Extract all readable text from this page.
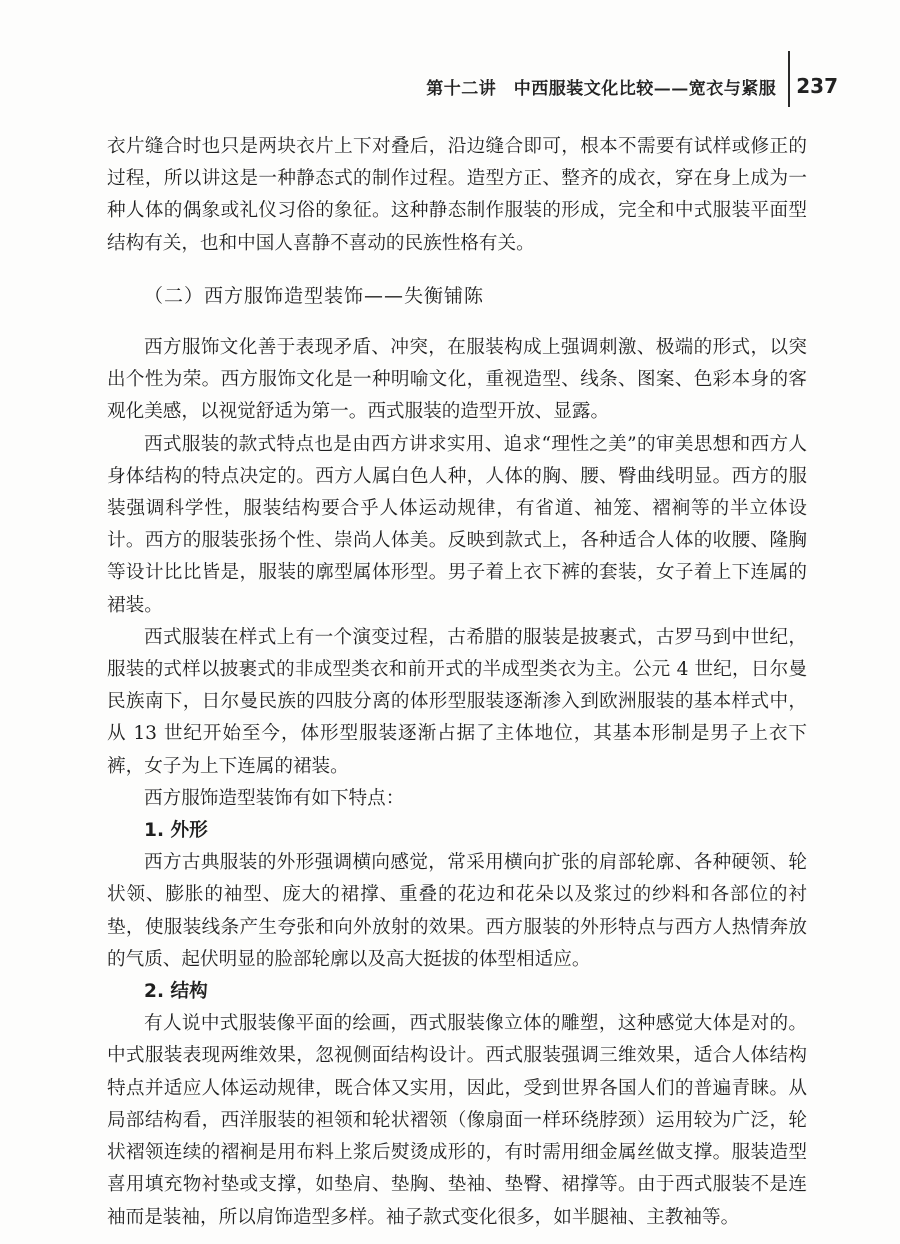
第十二讲　中西服装文化比较——宽衣与紧服	237

衣片缝合时也只是两块衣片上下对叠后，沿边缝合即可，根本不需要有试样或修正的过程，所以讲这是一种静态式的制作过程。造型方正、整齐的成衣，穿在身上成为一种人体的偶象或礼仪习俗的象征。这种静态制作服装的形成，完全和中式服装平面型结构有关，也和中国人喜静不喜动的民族性格有关。

（二）西方服饰造型装饰——失衡铺陈

西方服饰文化善于表现矛盾、冲突，在服装构成上强调刺激、极端的形式，以突出个性为荣。西方服饰文化是一种明喻文化，重视造型、线条、图案、色彩本身的客观化美感，以视觉舒适为第一。西式服装的造型开放、显露。

西式服装的款式特点也是由西方讲求实用、追求“理性之美”的审美思想和西方人身体结构的特点决定的。西方人属白色人种，人体的胸、腰、臀曲线明显。西方的服装强调科学性，服装结构要合乎人体运动规律，有省道、袖笼、褶裥等的半立体设计。西方的服装张扬个性、崇尚人体美。反映到款式上，各种适合人体的收腰、隆胸等设计比比皆是，服装的廓型属体形型。男子着上衣下裤的套装，女子着上下连属的裙装。

西式服装在样式上有一个演变过程，古希腊的服装是披裹式，古罗马到中世纪，服装的式样以披裹式的非成型类衣和前开式的半成型类衣为主。公元 4 世纪，日尔曼民族南下，日尔曼民族的四肢分离的体形型服装逐渐渗入到欧洲服装的基本样式中，从 13 世纪开始至今，体形型服装逐渐占据了主体地位，其基本形制是男子上衣下裤，女子为上下连属的裙装。

西方服饰造型装饰有如下特点：

1. 外形

西方古典服装的外形强调横向感觉，常采用横向扩张的肩部轮廓、各种硬领、轮状领、膨胀的袖型、庞大的裙撑、重叠的花边和花朵以及浆过的纱料和各部位的衬垫，使服装线条产生夸张和向外放射的效果。西方服装的外形特点与西方人热情奔放的气质、起伏明显的脸部轮廓以及高大挺拔的体型相适应。

2. 结构

有人说中式服装像平面的绘画，西式服装像立体的雕塑，这种感觉大体是对的。中式服装表现两维效果，忽视侧面结构设计。西式服装强调三维效果，适合人体结构特点并适应人体运动规律，既合体又实用，因此，受到世界各国人们的普遍青睐。从局部结构看，西洋服装的袒领和轮状褶领（像扇面一样环绕脖颈）运用较为广泛，轮状褶领连续的褶裥是用布料上浆后熨烫成形的，有时需用细金属丝做支撑。服装造型喜用填充物衬垫或支撑，如垫肩、垫胸、垫袖、垫臀、裙撑等。由于西式服装不是连袖而是装袖，所以肩饰造型多样。袖子款式变化很多，如半腿袖、主教袖等。
